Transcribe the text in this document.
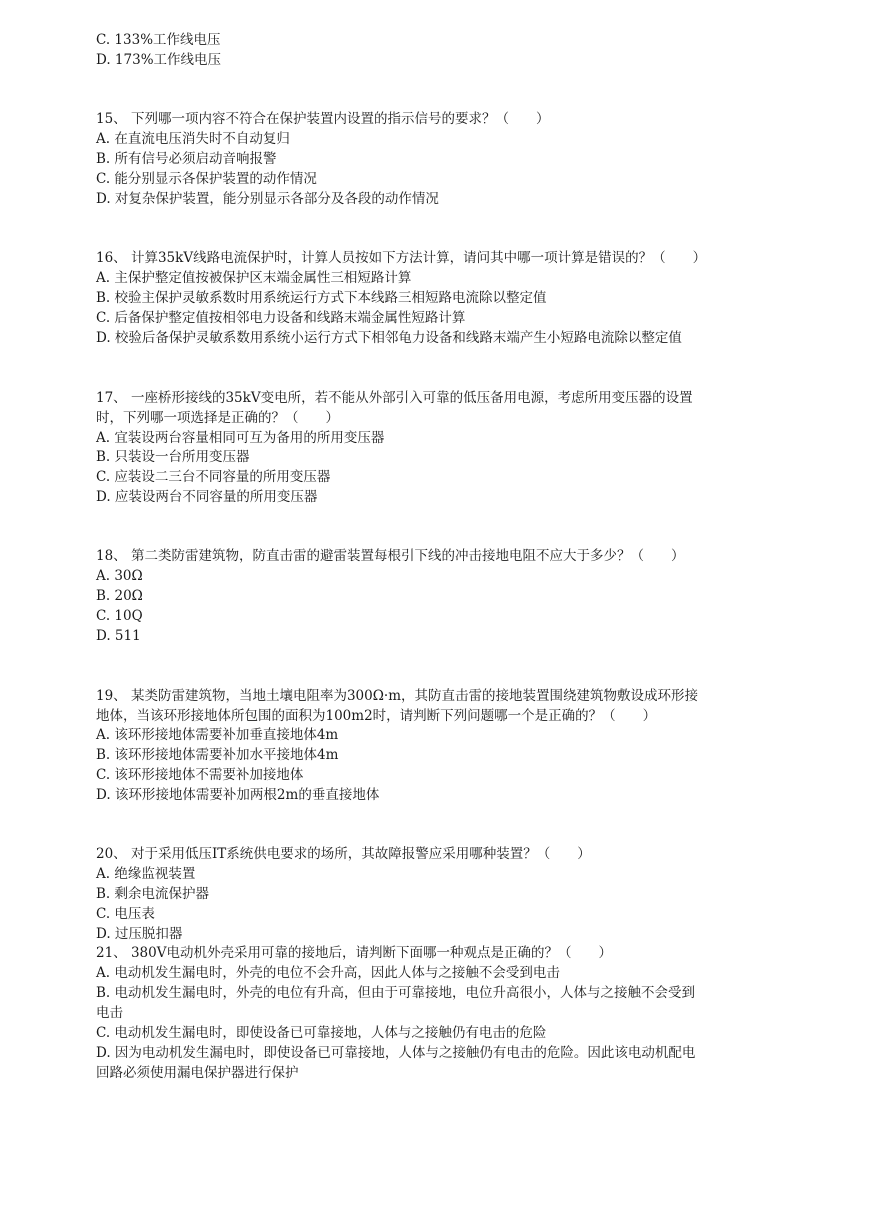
C. 133%工作线电压
D. 173%工作线电压
15、 下列哪一项内容不符合在保护装置内设置的指示信号的要求？（　　）
A. 在直流电压消失时不自动复归
B. 所有信号必须启动音响报警
C. 能分别显示各保护装置的动作情况
D. 对复杂保护装置，能分别显示各部分及各段的动作情况
16、 计算35kV线路电流保护时，计算人员按如下方法计算，请问其中哪一项计算是错误的？（　　）
A. 主保护整定值按被保护区末端金属性三相短路计算
B. 校验主保护灵敏系数时用系统运行方式下本线路三相短路电流除以整定值
C. 后备保护整定值按相邻电力设备和线路末端金属性短路计算
D. 校验后备保护灵敏系数用系统小运行方式下相邻龟力设备和线路末端产生小短路电流除以整定值
17、 一座桥形接线的35kV变电所，若不能从外部引入可靠的低压备用电源，考虑所用变压器的设置
时，下列哪一项选择是正确的？（　　）
A. 宜装设两台容量相同可互为备用的所用变压器
B. 只装设一台所用变压器
C. 应装设二三台不同容量的所用变压器
D. 应装设两台不同容量的所用变压器
18、 第二类防雷建筑物，防直击雷的避雷装置每根引下线的冲击接地电阻不应大于多少？（　　）
A. 30Ω
B. 20Ω
C. 10Q
D. 511
19、 某类防雷建筑物，当地土壤电阻率为300Ω·m，其防直击雷的接地装置围绕建筑物敷设成环形接
地体，当该环形接地体所包围的面积为100m2时，请判断下列问题哪一个是正确的？（　　）
A. 该环形接地体需要补加垂直接地体4m
B. 该环形接地体需要补加水平接地体4m
C. 该环形接地体不需要补加接地体
D. 该环形接地体需要补加两根2m的垂直接地体
20、 对于采用低压IT系统供电要求的场所，其故障报警应采用哪种装置？（　　）
A. 绝缘监视装置
B. 剩余电流保护器
C. 电压表
D. 过压脱扣器
21、 380V电动机外壳采用可靠的接地后，请判断下面哪一种观点是正确的？（　　）
A. 电动机发生漏电时，外壳的电位不会升高，因此人体与之接触不会受到电击
B. 电动机发生漏电时，外壳的电位有升高，但由于可靠接地，电位升高很小，人体与之接触不会受到
电击
C. 电动机发生漏电时，即使设备已可靠接地，人体与之接触仍有电击的危险
D. 因为电动机发生漏电时，即使设备已可靠接地，人体与之接触仍有电击的危险。因此该电动机配电
回路必须使用漏电保护器进行保护
